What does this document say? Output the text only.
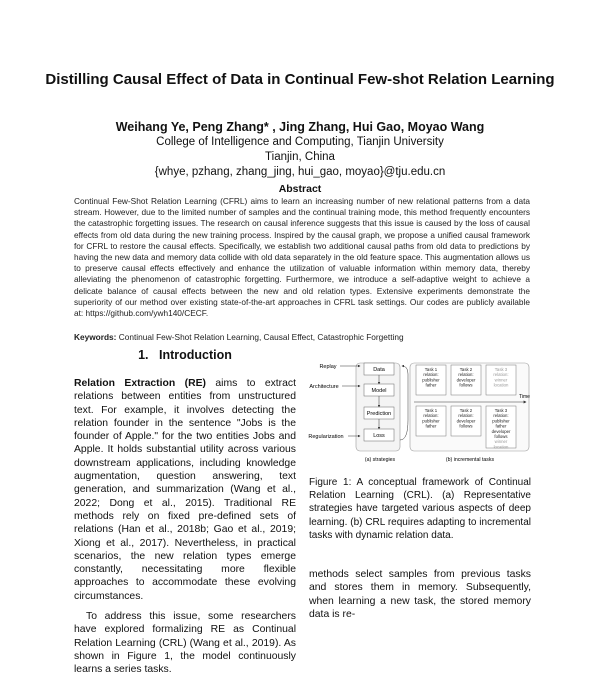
Distilling Causal Effect of Data in Continual Few-shot Relation Learning
Weihang Ye, Peng Zhang* , Jing Zhang, Hui Gao, Moyao Wang
College of Intelligence and Computing, Tianjin University
Tianjin, China
{whye, pzhang, zhang_jing, hui_gao, moyao}@tju.edu.cn
Abstract
Continual Few-Shot Relation Learning (CFRL) aims to learn an increasing number of new relational patterns from a data stream. However, due to the limited number of samples and the continual training mode, this method frequently encounters the catastrophic forgetting issues. The research on causal inference suggests that this issue is caused by the loss of causal effects from old data during the new training process. Inspired by the causal graph, we propose a unified causal framework for CFRL to restore the causal effects. Specifically, we establish two additional causal paths from old data to predictions by having the new data and memory data collide with old data separately in the old feature space. This augmentation allows us to preserve causal effects effectively and enhance the utilization of valuable information within memory data, thereby alleviating the phenomenon of catastrophic forgetting. Furthermore, we introduce a self-adaptive weight to achieve a delicate balance of causal effects between the new and old relation types. Extensive experiments demonstrate the superiority of our method over existing state-of-the-art approaches in CFRL task settings. Our codes are publicly available at: https://github.com/ywh140/CECF.
Keywords: Continual Few-Shot Relation Learning, Causal Effect, Catastrophic Forgetting
1. Introduction

Relation Extraction (RE) aims to extract relations between entities from unstructured text. For example, it involves detecting the relation founder in the sentence "Jobs is the founder of Apple." for the two entities Jobs and Apple. It holds substantial utility across various downstream applications, including knowledge augmentation, question answering, text generation, and summarization (Wang et al., 2022; Dong et al., 2015). Traditional RE methods rely on fixed pre-defined sets of relations (Han et al., 2018b; Gao et al., 2019; Xiong et al., 2017). Nevertheless, in practical scenarios, the new relation types emerge constantly, necessitating more flexible approaches to accommodate these evolving circumstances.

To address this issue, some researchers have explored formalizing RE as Continual Relation Learning (CRL) (Wang et al., 2019). As shown in Figure 1, the model continuously learns a series tasks.

Data
Model
Prediction
Loss
Replay
Architecture
Regularization
(a) strategies
Task 1
relation:
publisher
father
Task 2
relation:
developer
follows
Task 3
relation:
winner
location
Task 1
relation:
publisher
father
Task 2
relation:
developer
follows
Task 3
relation:
publisher
father
developer
follows
winner
location
Time
(b) incremental tasks
Figure 1: A conceptual framework of Continual Relation Learning (CRL). (a) Representative strategies have targeted various aspects of deep learning. (b) CRL requires adapting to incremental tasks with dynamic relation data.
methods select samples from previous tasks and stores them in memory. Subsequently, when learning a new task, the stored memory data is re-
